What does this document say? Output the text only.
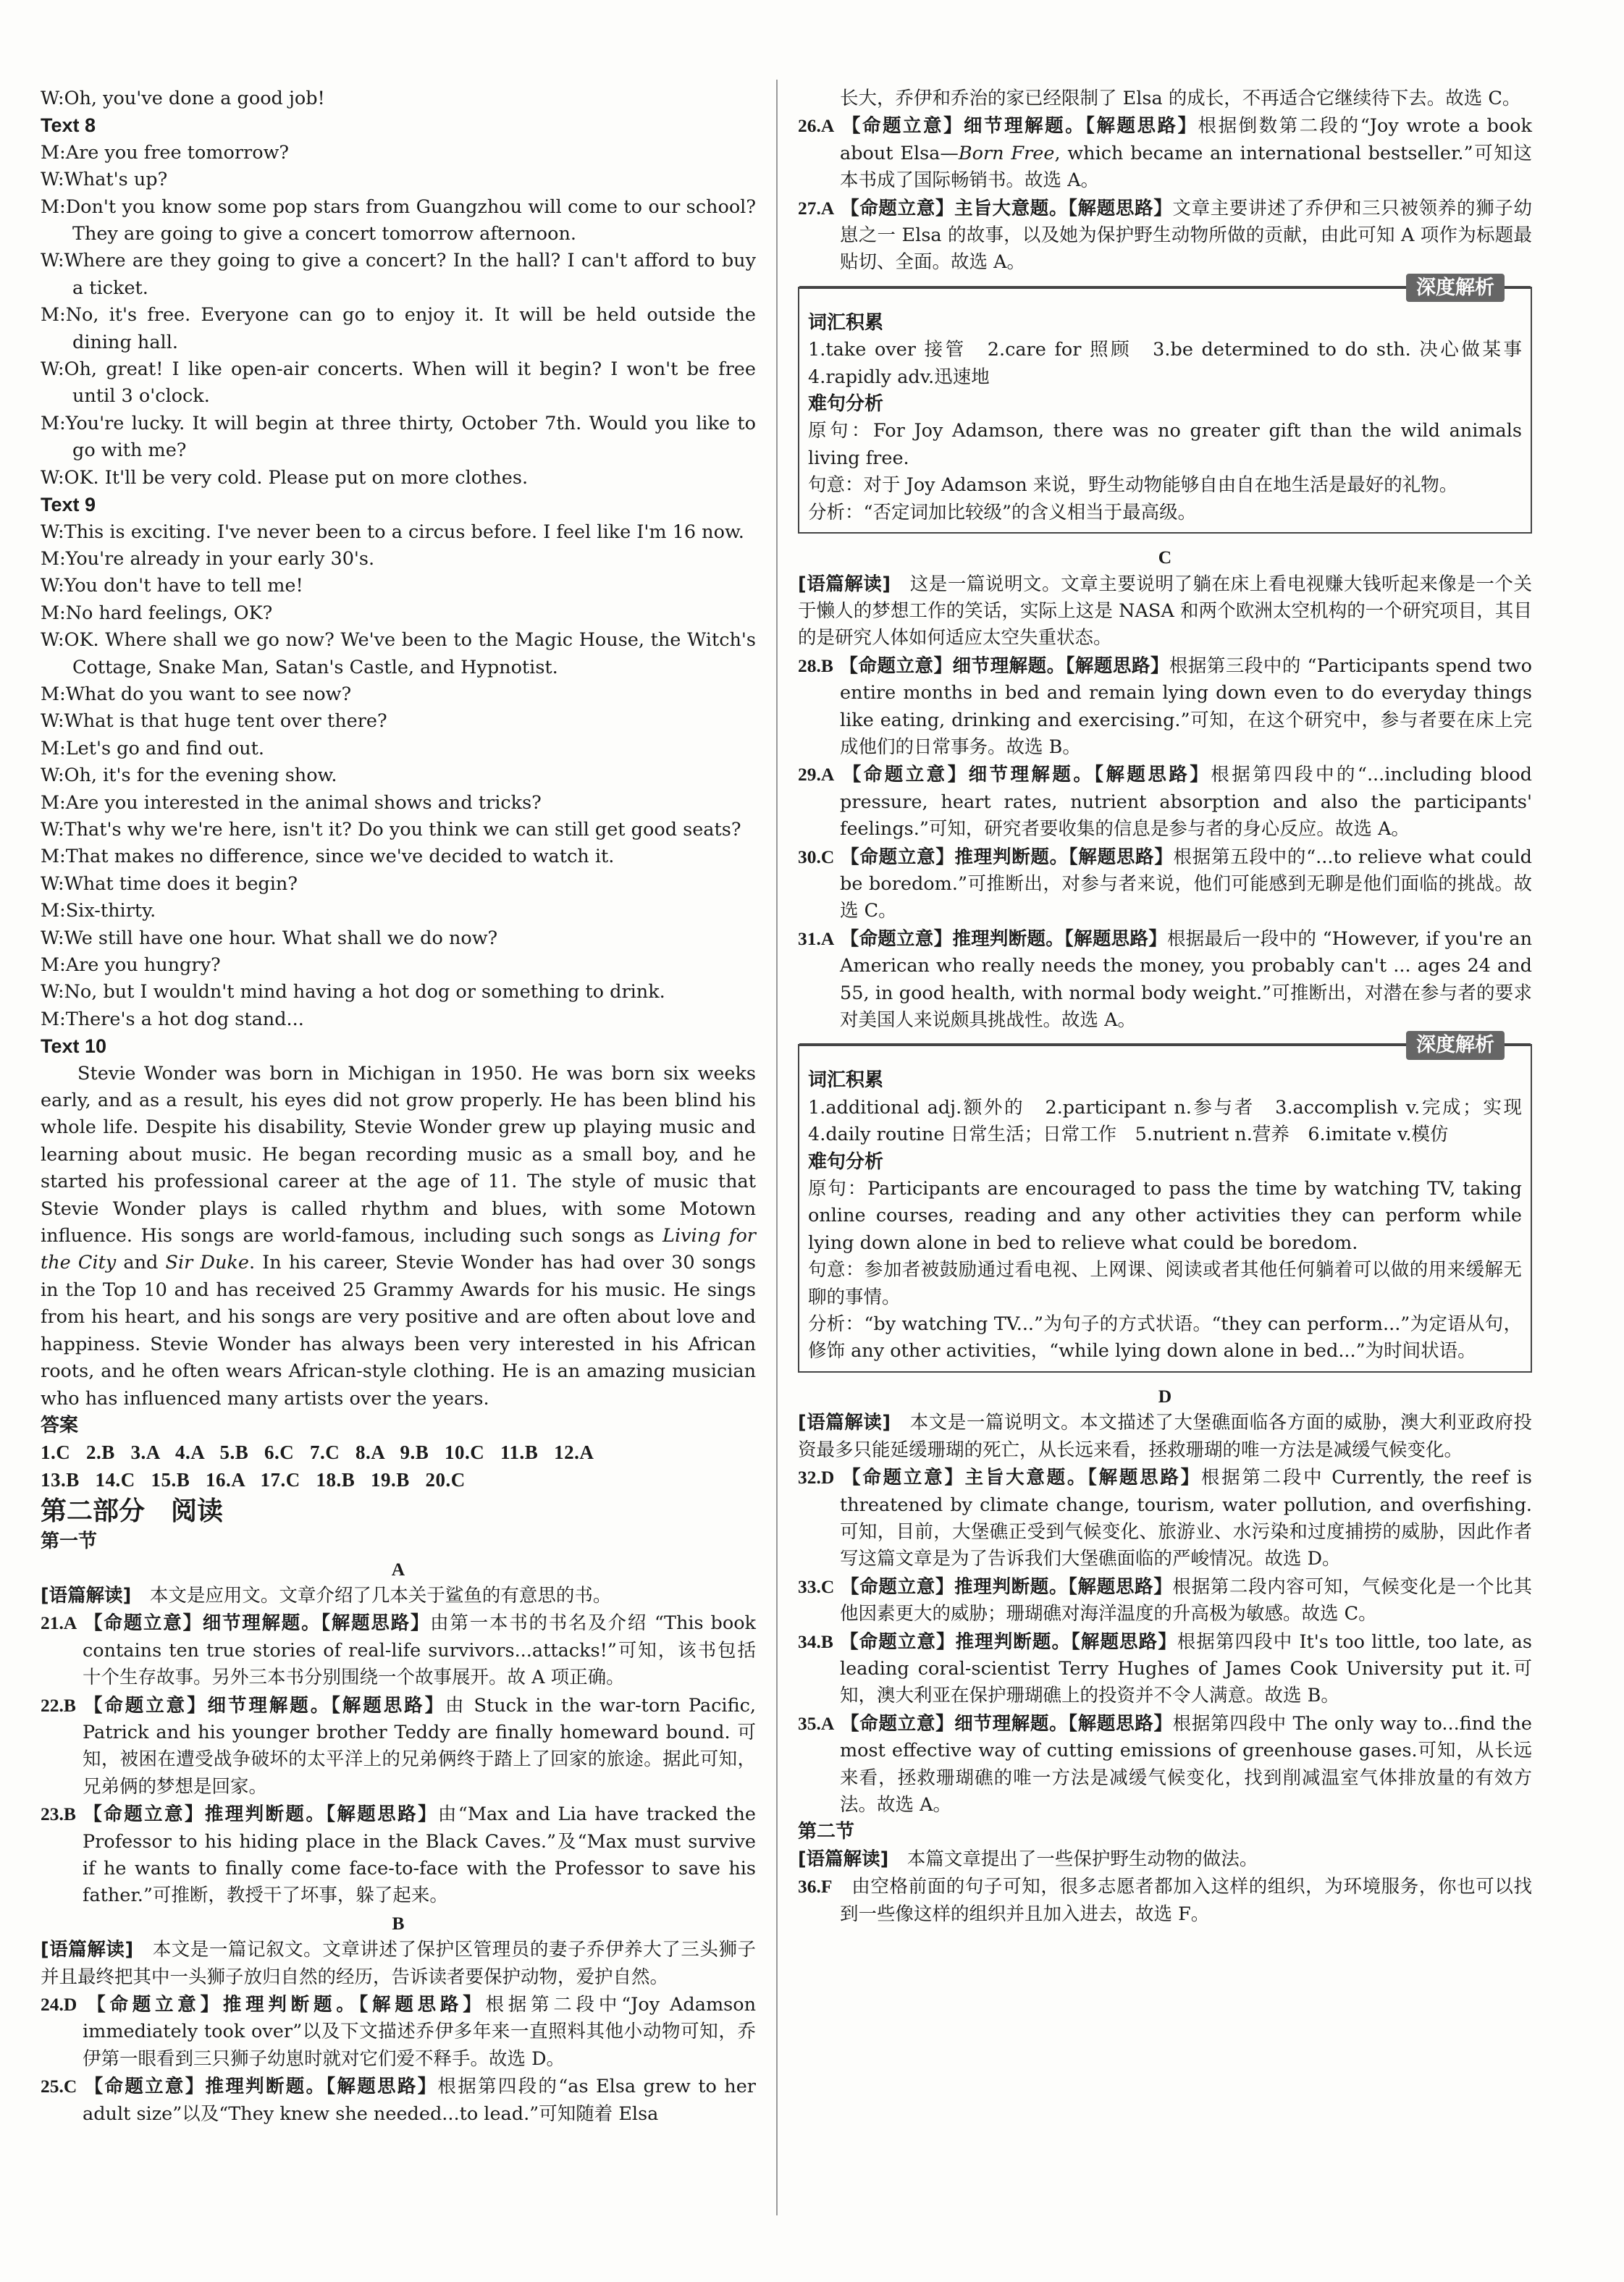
W:Oh, you've done a good job!
Text 8
M:Are you free tomorrow?
W:What's up?
M:Don't you know some pop stars from Guangzhou will come to our school? They are going to give a concert tomorrow afternoon.
W:Where are they going to give a concert? In the hall? I can't afford to buy a ticket.
M:No, it's free. Everyone can go to enjoy it. It will be held outside the dining hall.
W:Oh, great! I like open-air concerts. When will it begin? I won't be free until 3 o'clock.
M:You're lucky. It will begin at three thirty, October 7th. Would you like to go with me?
W:OK. It'll be very cold. Please put on more clothes.
Text 9
W:This is exciting. I've never been to a circus before. I feel like I'm 16 now.
M:You're already in your early 30's.
W:You don't have to tell me!
M:No hard feelings, OK?
W:OK. Where shall we go now? We've been to the Magic House, the Witch's Cottage, Snake Man, Satan's Castle, and Hypnotist.
M:What do you want to see now?
W:What is that huge tent over there?
M:Let's go and find out.
W:Oh, it's for the evening show.
M:Are you interested in the animal shows and tricks?
W:That's why we're here, isn't it? Do you think we can still get good seats?
M:That makes no difference, since we've decided to watch it.
W:What time does it begin?
M:Six-thirty.
W:We still have one hour. What shall we do now?
M:Are you hungry?
W:No, but I wouldn't mind having a hot dog or something to drink.
M:There's a hot dog stand...
Text 10
Stevie Wonder was born in Michigan in 1950. He was born six weeks early, and as a result, his eyes did not grow properly. He has been blind his whole life. Despite his disability, Stevie Wonder grew up playing music and learning about music. He began recording music as a small boy, and he started his professional career at the age of 11. The style of music that Stevie Wonder plays is called rhythm and blues, with some Motown influence. His songs are world-famous, including such songs as Living for the City and Sir Duke. In his career, Stevie Wonder has had over 30 songs in the Top 10 and has received 25 Grammy Awards for his music. He sings from his heart, and his songs are very positive and are often about love and happiness. Stevie Wonder has always been very interested in his African roots, and he often wears African-style clothing. He is an amazing musician who has influenced many artists over the years.
答案
1.C   2.B   3.A   4.A   5.B   6.C   7.C   8.A   9.B   10.C   11.B   12.A
13.B   14.C   15.B   16.A   17.C   18.B   19.B   20.C
第二部分　阅读
第一节
A
[语篇解读]　本文是应用文。文章介绍了几本关于鲨鱼的有意思的书。
21.A 【命题立意】细节理解题。【解题思路】由第一本书的书名及介绍 “This book contains ten true stories of real-life survivors...attacks!”可知，该书包括十个生存故事。另外三本书分别围绕一个故事展开。故 A 项正确。
22.B 【命题立意】细节理解题。【解题思路】由 Stuck in the war-torn Pacific, Patrick and his younger brother Teddy are finally homeward bound. 可知，被困在遭受战争破坏的太平洋上的兄弟俩终于踏上了回家的旅途。据此可知，兄弟俩的梦想是回家。
23.B 【命题立意】推理判断题。【解题思路】由“Max and Lia have tracked the Professor to his hiding place in the Black Caves.”及“Max must survive if he wants to finally come face-to-face with the Professor to save his father.”可推断，教授干了坏事，躲了起来。
B
[语篇解读]　本文是一篇记叙文。文章讲述了保护区管理员的妻子乔伊养大了三头狮子并且最终把其中一头狮子放归自然的经历，告诉读者要保护动物，爱护自然。
24.D 【命题立意】推理判断题。【解题思路】根据第二段中“Joy Adamson immediately took over”以及下文描述乔伊多年来一直照料其他小动物可知，乔伊第一眼看到三只狮子幼崽时就对它们爱不释手。故选 D。
25.C 【命题立意】推理判断题。【解题思路】根据第四段的“as Elsa grew to her adult size”以及“They knew she needed...to lead.”可知随着 Elsa
长大，乔伊和乔治的家已经限制了 Elsa 的成长，不再适合它继续待下去。故选 C。
26.A 【命题立意】细节理解题。【解题思路】根据倒数第二段的“Joy wrote a book about Elsa—Born Free, which became an international bestseller.”可知这本书成了国际畅销书。故选 A。
27.A 【命题立意】主旨大意题。【解题思路】文章主要讲述了乔伊和三只被领养的狮子幼崽之一 Elsa 的故事，以及她为保护野生动物所做的贡献，由此可知 A 项作为标题最贴切、全面。故选 A。
深度解析
词汇积累
1.take over 接管　2.care for 照顾　3.be determined to do sth. 决心做某事　4.rapidly adv.迅速地
难句分析
原句：For Joy Adamson, there was no greater gift than the wild animals living free.
句意：对于 Joy Adamson 来说，野生动物能够自由自在地生活是最好的礼物。
分析：“否定词加比较级”的含义相当于最高级。
C
[语篇解读]　这是一篇说明文。文章主要说明了躺在床上看电视赚大钱听起来像是一个关于懒人的梦想工作的笑话，实际上这是 NASA 和两个欧洲太空机构的一个研究项目，其目的是研究人体如何适应太空失重状态。
28.B 【命题立意】细节理解题。【解题思路】根据第三段中的 “Participants spend two entire months in bed and remain lying down even to do everyday things like eating, drinking and exercising.”可知，在这个研究中，参与者要在床上完成他们的日常事务。故选 B。
29.A 【命题立意】细节理解题。【解题思路】根据第四段中的“...including blood pressure, heart rates, nutrient absorption and also the participants' feelings.”可知，研究者要收集的信息是参与者的身心反应。故选 A。
30.C 【命题立意】推理判断题。【解题思路】根据第五段中的“...to relieve what could be boredom.”可推断出，对参与者来说，他们可能感到无聊是他们面临的挑战。故选 C。
31.A 【命题立意】推理判断题。【解题思路】根据最后一段中的 “However, if you're an American who really needs the money, you probably can't ... ages 24 and 55, in good health, with normal body weight.”可推断出，对潜在参与者的要求对美国人来说颇具挑战性。故选 A。
深度解析
词汇积累
1.additional adj.额外的　2.participant n.参与者　3.accomplish v.完成；实现　4.daily routine 日常生活；日常工作　5.nutrient n.营养　6.imitate v.模仿
难句分析
原句：Participants are encouraged to pass the time by watching TV, taking online courses, reading and any other activities they can perform while lying down alone in bed to relieve what could be boredom.
句意：参加者被鼓励通过看电视、上网课、阅读或者其他任何躺着可以做的用来缓解无聊的事情。
分析：“by watching TV...”为句子的方式状语。“they can perform...”为定语从句，修饰 any other activities，“while lying down alone in bed...”为时间状语。
D
[语篇解读]　本文是一篇说明文。本文描述了大堡礁面临各方面的威胁，澳大利亚政府投资最多只能延缓珊瑚的死亡，从长远来看，拯救珊瑚的唯一方法是减缓气候变化。
32.D 【命题立意】主旨大意题。【解题思路】根据第二段中 Currently, the reef is threatened by climate change, tourism, water pollution, and overfishing.可知，目前，大堡礁正受到气候变化、旅游业、水污染和过度捕捞的威胁，因此作者写这篇文章是为了告诉我们大堡礁面临的严峻情况。故选 D。
33.C 【命题立意】推理判断题。【解题思路】根据第二段内容可知，气候变化是一个比其他因素更大的威胁；珊瑚礁对海洋温度的升高极为敏感。故选 C。
34.B 【命题立意】推理判断题。【解题思路】根据第四段中 It's too little, too late, as leading coral-scientist Terry Hughes of James Cook University put it.可知，澳大利亚在保护珊瑚礁上的投资并不令人满意。故选 B。
35.A 【命题立意】细节理解题。【解题思路】根据第四段中 The only way to...find the most effective way of cutting emissions of greenhouse gases.可知，从长远来看，拯救珊瑚礁的唯一方法是减缓气候变化，找到削减温室气体排放量的有效方法。故选 A。
第二节
[语篇解读]　本篇文章提出了一些保护野生动物的做法。
36.F　由空格前面的句子可知，很多志愿者都加入这样的组织，为环境服务，你也可以找到一些像这样的组织并且加入进去，故选 F。
